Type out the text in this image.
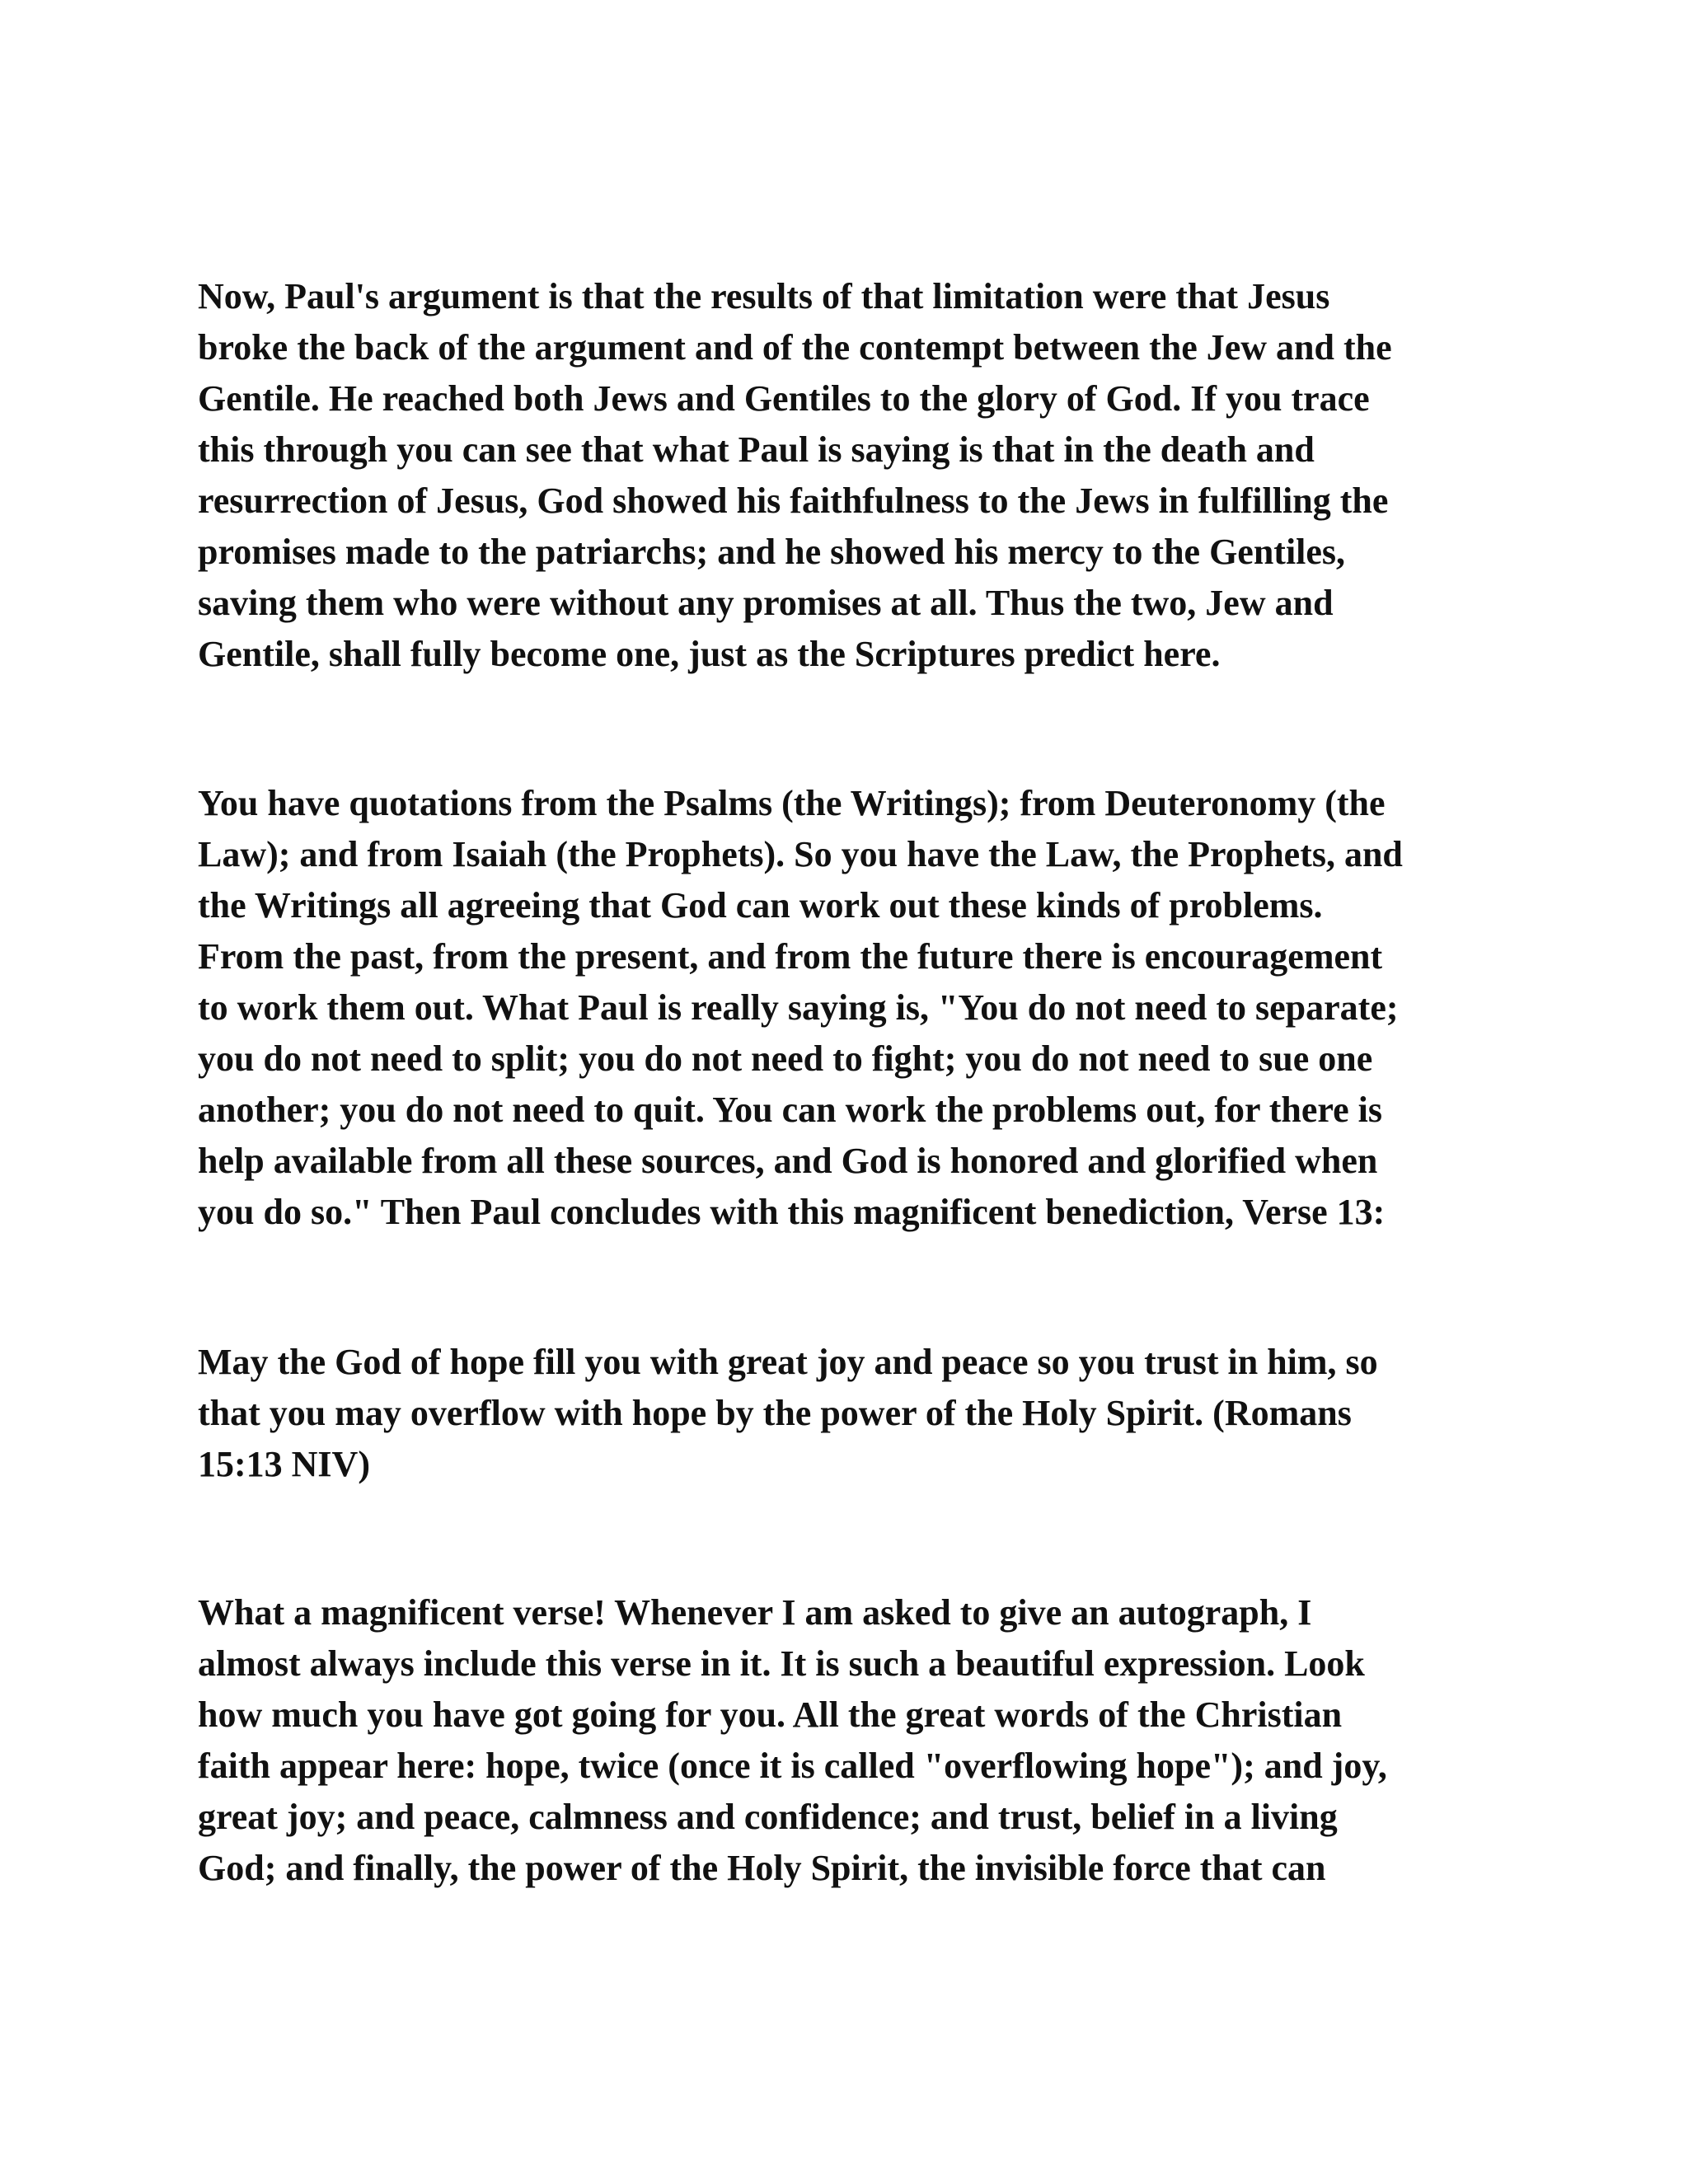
Now, Paul's argument is that the results of that limitation were that Jesus

broke the back of the argument and of the contempt between the Jew and the

Gentile. He reached both Jews and Gentiles to the glory of God. If you trace

this through you can see that what Paul is saying is that in the death and

resurrection of Jesus, God showed his faithfulness to the Jews in fulfilling the

promises made to the patriarchs; and he showed his mercy to the Gentiles,

saving them who were without any promises at all. Thus the two, Jew and

Gentile, shall fully become one, just as the Scriptures predict here.

You have quotations from the Psalms (the Writings); from Deuteronomy (the

Law); and from Isaiah (the Prophets). So you have the Law, the Prophets, and

the Writings all agreeing that God can work out these kinds of problems.

From the past, from the present, and from the future there is encouragement

to work them out. What Paul is really saying is, "You do not need to separate;

you do not need to split; you do not need to fight; you do not need to sue one

another; you do not need to quit. You can work the problems out, for there is

help available from all these sources, and God is honored and glorified when

you do so." Then Paul concludes with this magnificent benediction, Verse 13:

May the God of hope fill you with great joy and peace so you trust in him, so

that you may overflow with hope by the power of the Holy Spirit. (Romans

15:13 NIV)

What a magnificent verse! Whenever I am asked to give an autograph, I

almost always include this verse in it. It is such a beautiful expression. Look

how much you have got going for you. All the great words of the Christian

faith appear here: hope, twice (once it is called "overflowing hope"); and joy,

great joy; and peace, calmness and confidence; and trust, belief in a living

God; and finally, the power of the Holy Spirit, the invisible force that can
